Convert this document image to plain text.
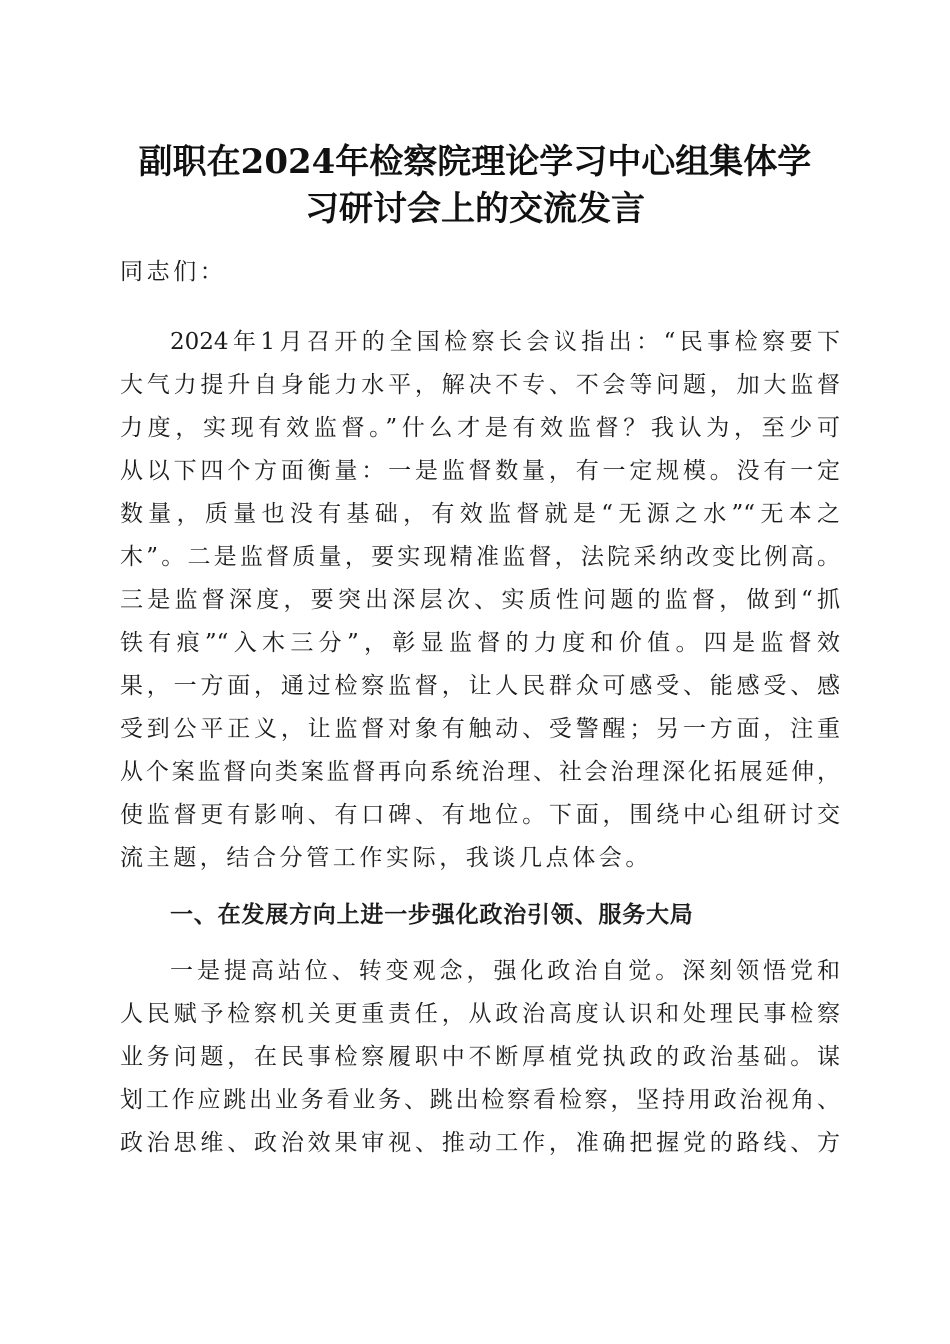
副职在2024年检察院理论学习中心组集体学
习研讨会上的交流发言
同志们：
2024年1月召开的全国检察长会议指出：“民事检察要下
大气力提升自身能力水平，解决不专、不会等问题，加大监督
力度，实现有效监督。”什么才是有效监督？我认为，至少可
从以下四个方面衡量：一是监督数量，有一定规模。没有一定
数量，质量也没有基础，有效监督就是“无源之水”“无本之
木”。二是监督质量，要实现精准监督，法院采纳改变比例高。
三是监督深度，要突出深层次、实质性问题的监督，做到“抓
铁有痕”“入木三分”，彰显监督的力度和价值。四是监督效
果，一方面，通过检察监督，让人民群众可感受、能感受、感
受到公平正义，让监督对象有触动、受警醒；另一方面，注重
从个案监督向类案监督再向系统治理、社会治理深化拓展延伸，
使监督更有影响、有口碑、有地位。下面，围绕中心组研讨交
流主题，结合分管工作实际，我谈几点体会。
一、在发展方向上进一步强化政治引领、服务大局
一是提高站位、转变观念，强化政治自觉。深刻领悟党和
人民赋予检察机关更重责任，从政治高度认识和处理民事检察
业务问题，在民事检察履职中不断厚植党执政的政治基础。谋
划工作应跳出业务看业务、跳出检察看检察，坚持用政治视角、
政治思维、政治效果审视、推动工作，准确把握党的路线、方
